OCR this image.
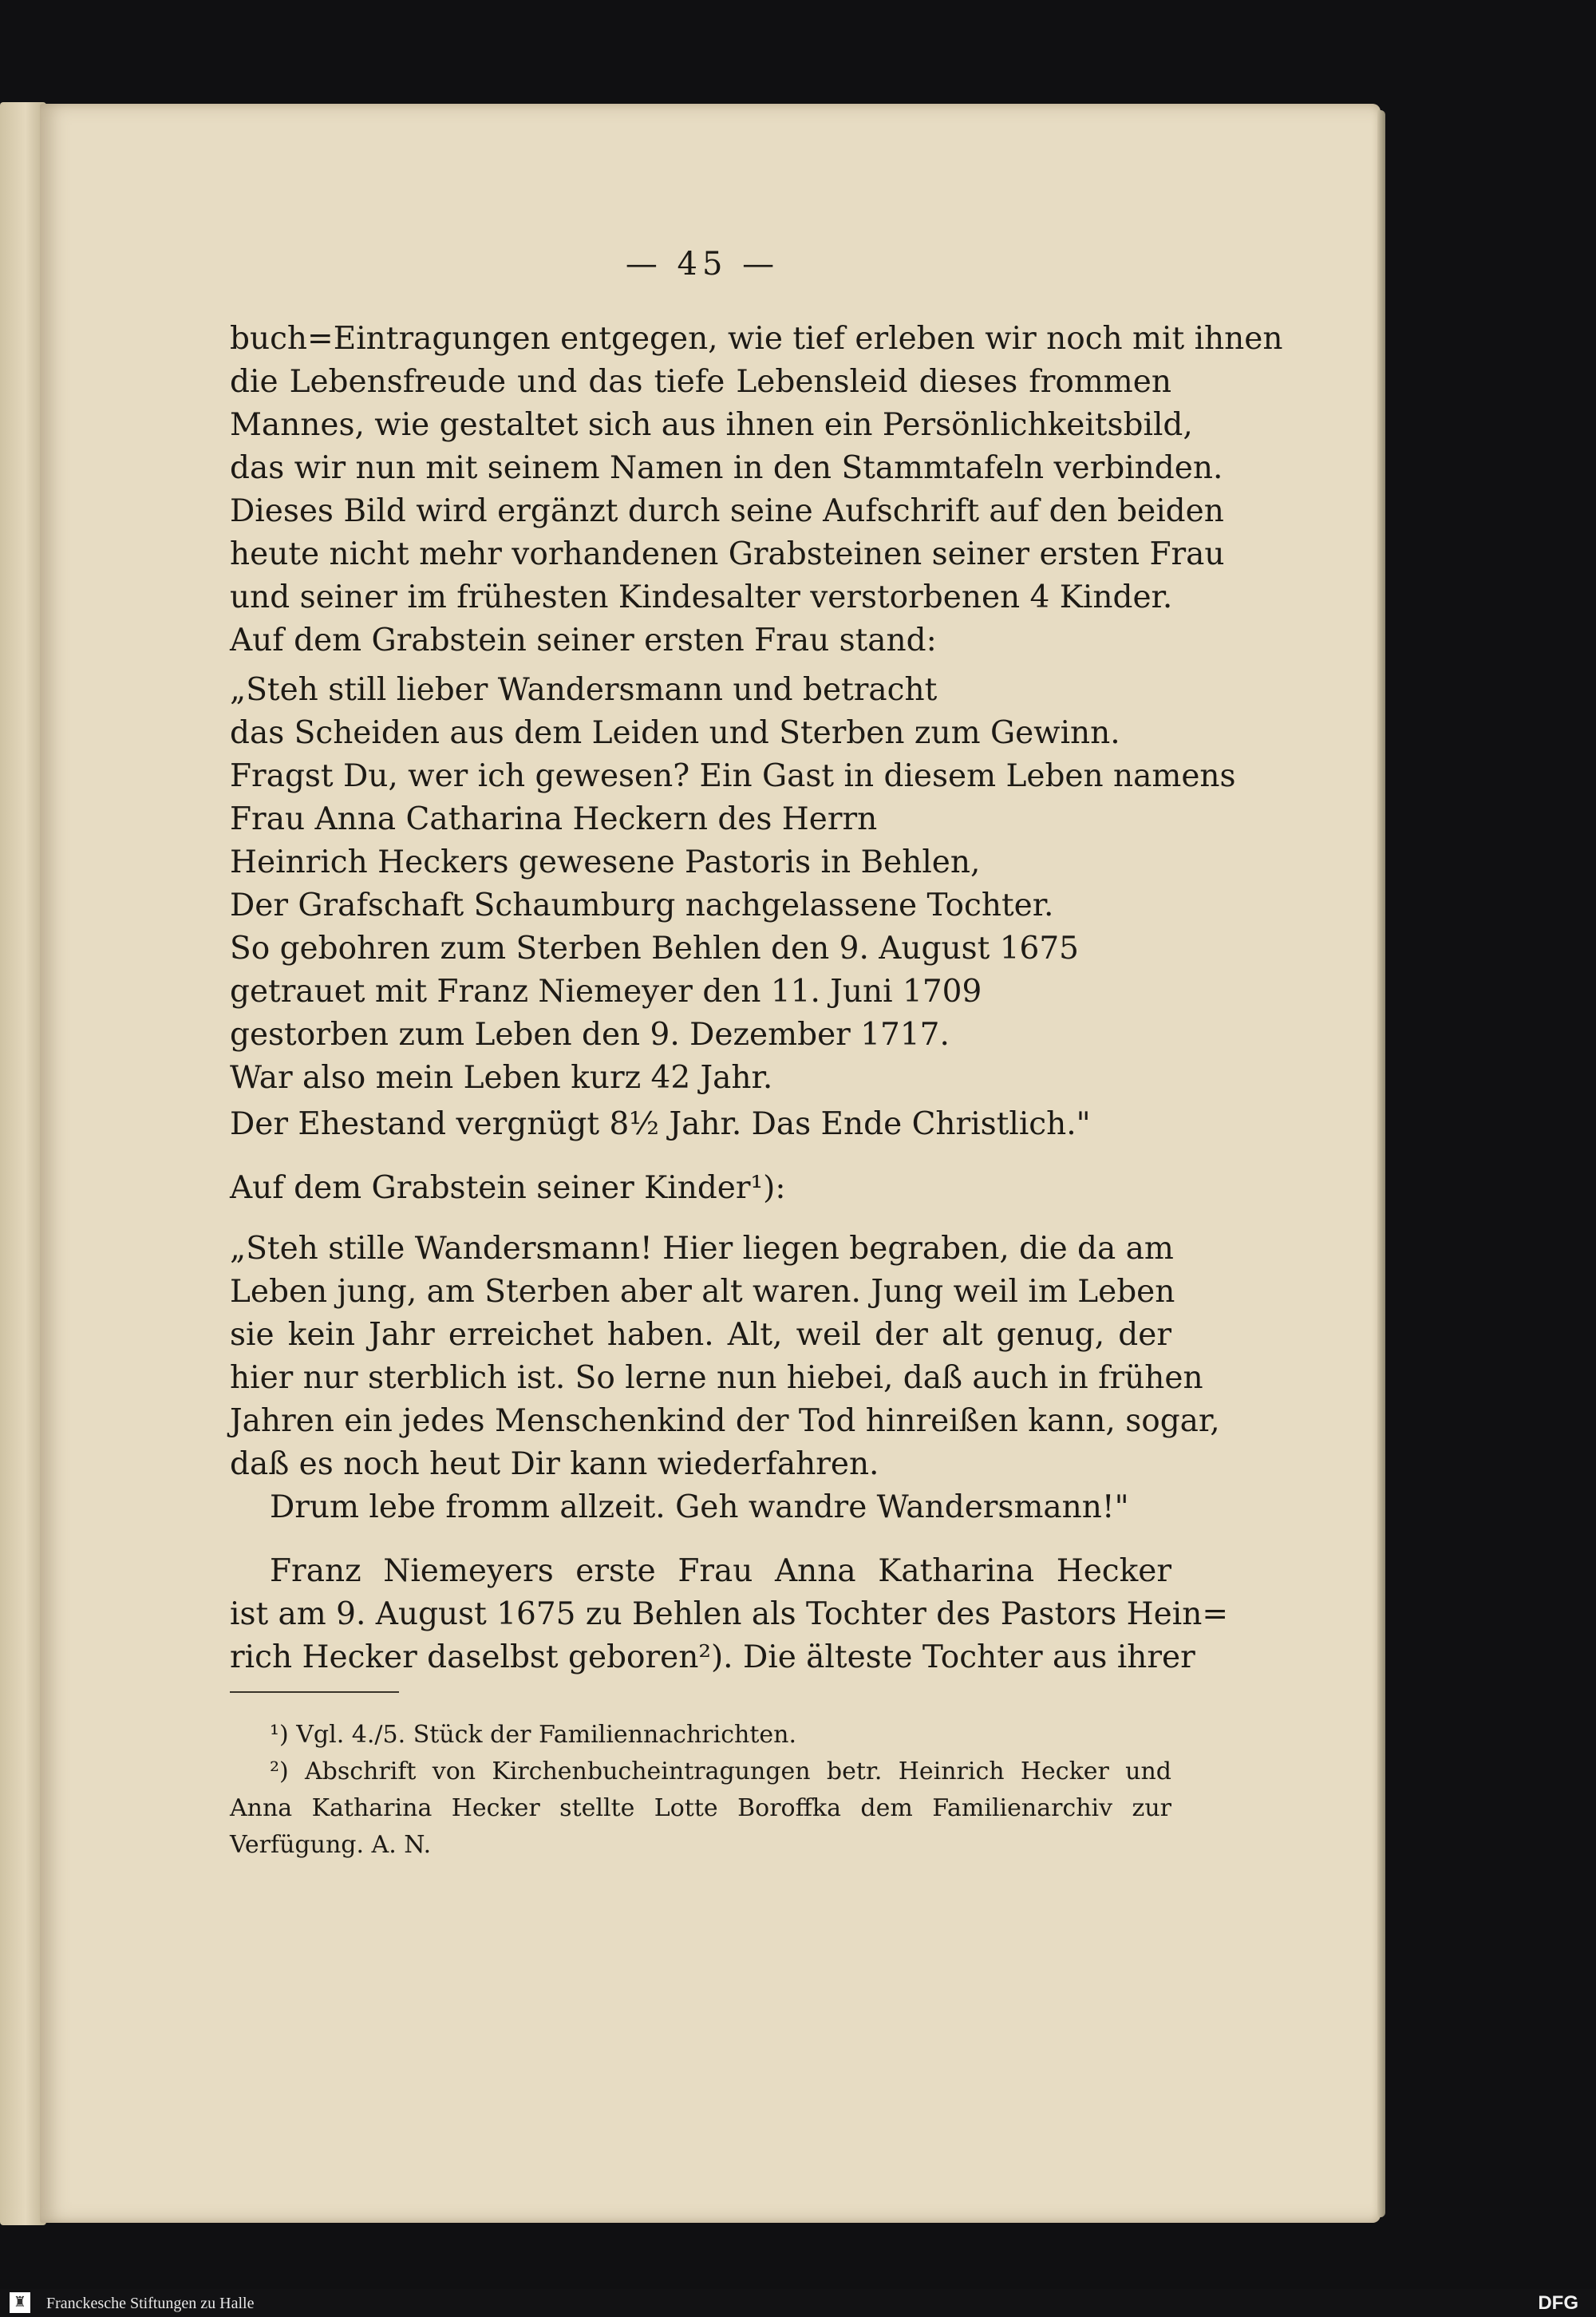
— 45 —
buch=Eintragungen entgegen, wie tief erleben wir noch mit ihnen
die Lebensfreude und das tiefe Lebensleid dieses frommen
Mannes, wie gestaltet sich aus ihnen ein Persönlichkeitsbild,
das wir nun mit seinem Namen in den Stammtafeln verbinden.
Dieses Bild wird ergänzt durch seine Aufschrift auf den beiden
heute nicht mehr vorhandenen Grabsteinen seiner ersten Frau
und seiner im frühesten Kindesalter verstorbenen 4 Kinder.
Auf dem Grabstein seiner ersten Frau stand:
„Steh still lieber Wandersmann und betracht
das Scheiden aus dem Leiden und Sterben zum Gewinn.
Fragst Du, wer ich gewesen? Ein Gast in diesem Leben namens
Frau Anna Catharina Heckern des Herrn
Heinrich Heckers gewesene Pastoris in Behlen,
Der Grafschaft Schaumburg nachgelassene Tochter.
So gebohren zum Sterben Behlen den 9. August 1675
getrauet mit Franz Niemeyer den 11. Juni 1709
gestorben zum Leben den 9. Dezember 1717.
War also mein Leben kurz 42 Jahr.
Der Ehestand vergnügt 8½ Jahr. Das Ende Christlich."
Auf dem Grabstein seiner Kinder¹):
„Steh stille Wandersmann! Hier liegen begraben, die da am
Leben jung, am Sterben aber alt waren. Jung weil im Leben
sie kein Jahr erreichet haben. Alt, weil der alt genug, der
hier nur sterblich ist. So lerne nun hiebei, daß auch in frühen
Jahren ein jedes Menschenkind der Tod hinreißen kann, sogar,
daß es noch heut Dir kann wiederfahren.
Drum lebe fromm allzeit. Geh wandre Wandersmann!"
Franz Niemeyers erste Frau Anna Katharina Hecker
ist am 9. August 1675 zu Behlen als Tochter des Pastors Hein=
rich Hecker daselbst geboren²). Die älteste Tochter aus ihrer
¹) Vgl. 4./5. Stück der Familiennachrichten.
²) Abschrift von Kirchenbucheintragungen betr. Heinrich Hecker und
Anna Katharina Hecker stellte Lotte Boroffka dem Familienarchiv zur
Verfügung. A. N.
♜ Franckesche Stiftungen zu Halle	DFG
